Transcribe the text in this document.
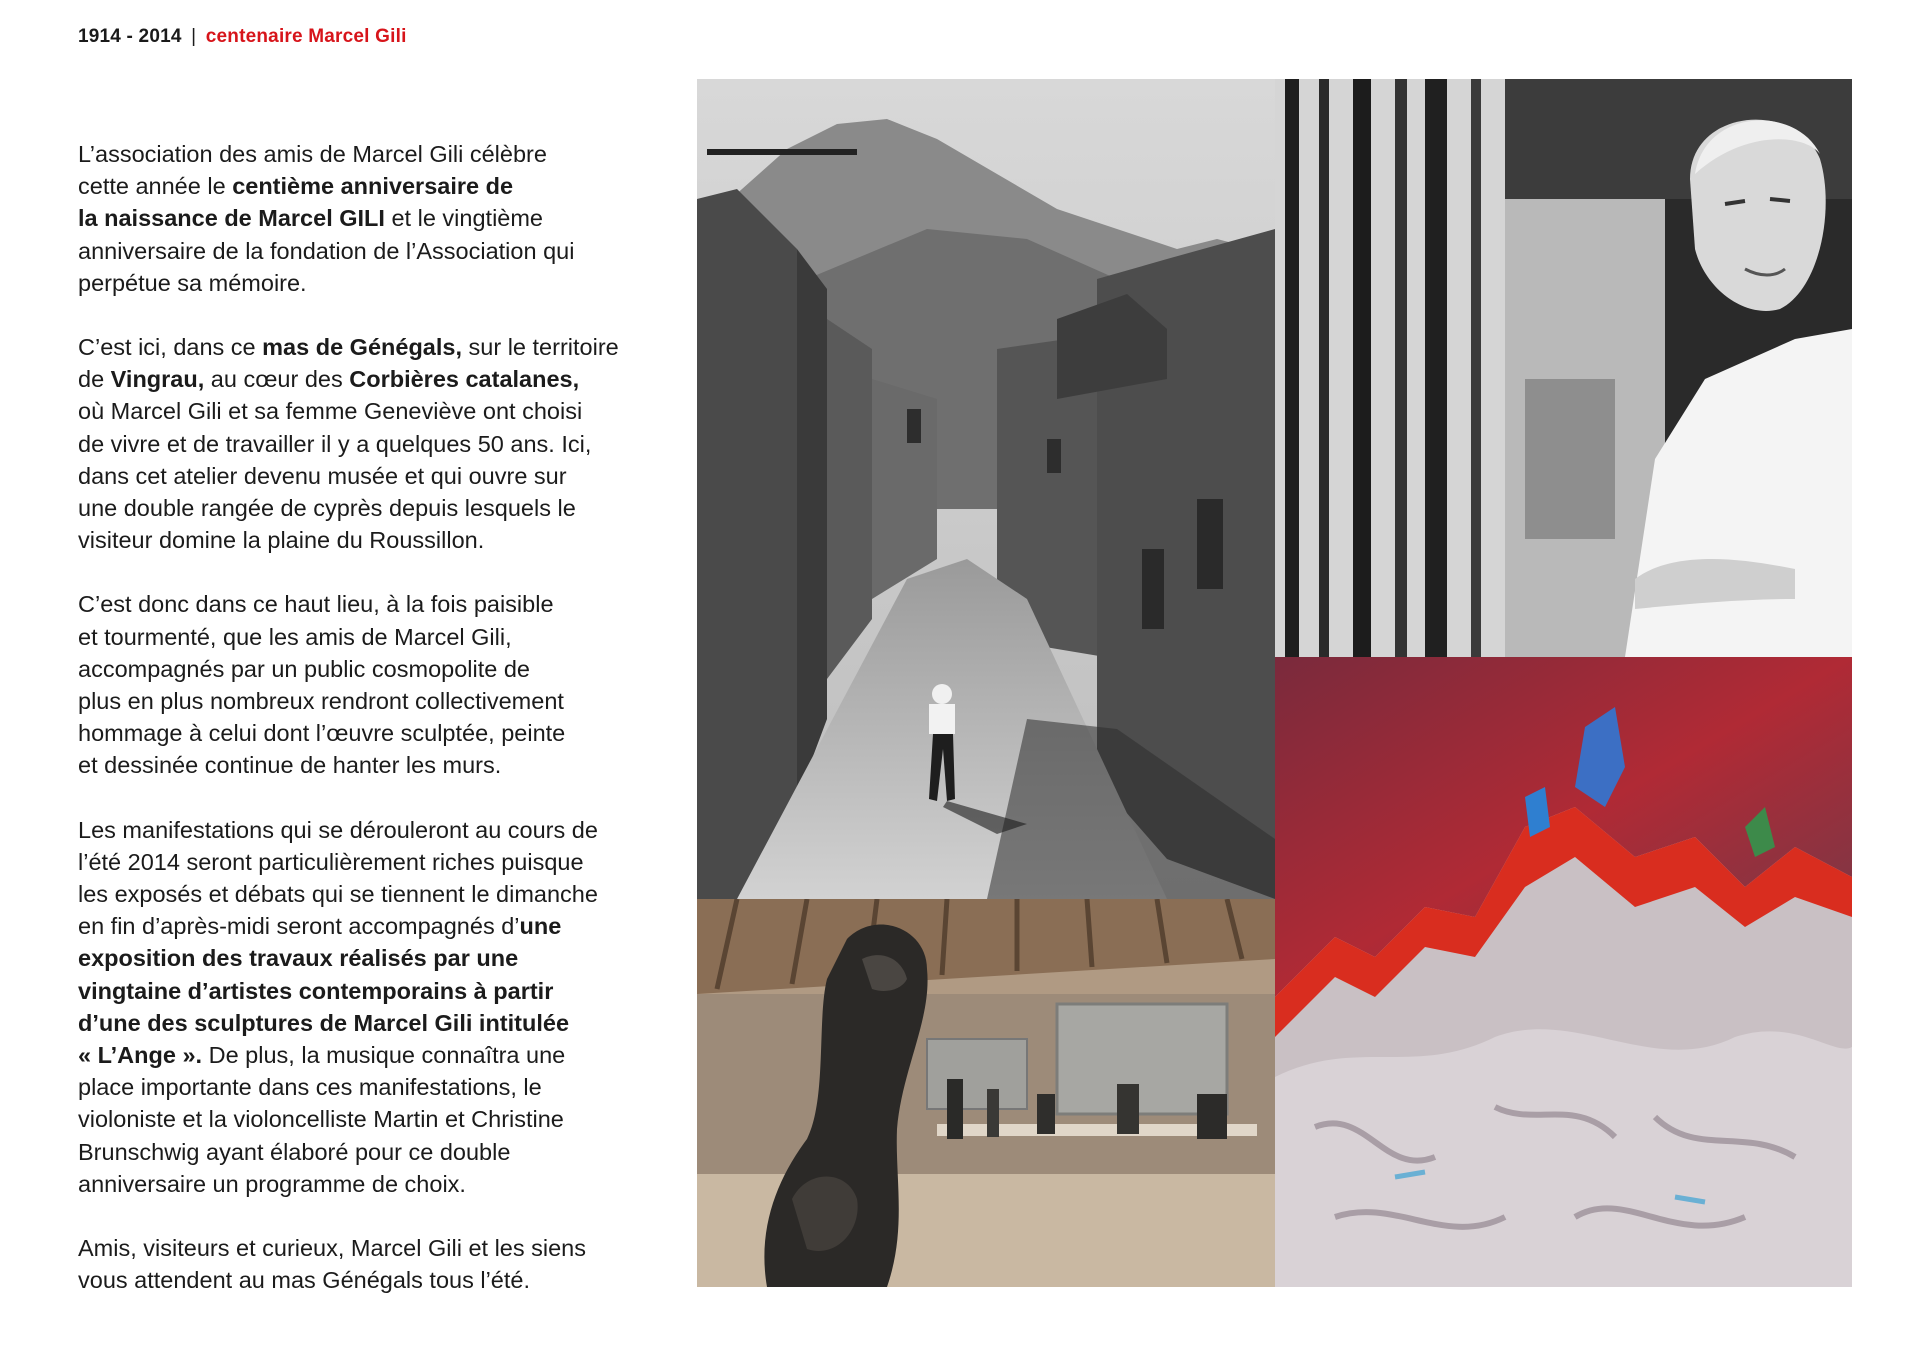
1914 - 2014 | centenaire Marcel Gili

L’association des amis de Marcel Gili célèbre
cette année le centième anniversaire de
la naissance de Marcel GILI et le vingtième
anniversaire de la fondation de l’Association qui
perpétue sa mémoire.

C’est ici, dans ce mas de Génégals, sur le territoire
de Vingrau, au cœur des Corbières catalanes,
où Marcel Gili et sa femme Geneviève ont choisi
de vivre et de travailler il y a quelques 50 ans. Ici,
dans cet atelier devenu musée et qui ouvre sur
une double rangée de cyprès depuis lesquels le
visiteur domine la plaine du Roussillon.

C’est donc dans ce haut lieu, à la fois paisible
et tourmenté, que les amis de Marcel Gili,
accompagnés par un public cosmopolite de
plus en plus nombreux rendront collectivement
hommage à celui dont l’œuvre sculptée, peinte
et dessinée continue de hanter les murs.

Les manifestations qui se dérouleront au cours de
l’été 2014 seront particulièrement riches puisque
les exposés et débats qui se tiennent le dimanche
en fin d’après-midi seront accompagnés d’une
exposition des travaux réalisés par une
vingtaine d’artistes contemporains à partir
d’une des sculptures de Marcel Gili intitulée
« L’Ange ». De plus, la musique connaîtra une
place importante dans ces manifestations, le
violoniste et la violoncelliste Martin et Christine
Brunschwig ayant élaboré pour ce double
anniversaire un programme de choix.

Amis, visiteurs et curieux, Marcel Gili et les siens
vous attendent au mas Génégals tous l’été.
